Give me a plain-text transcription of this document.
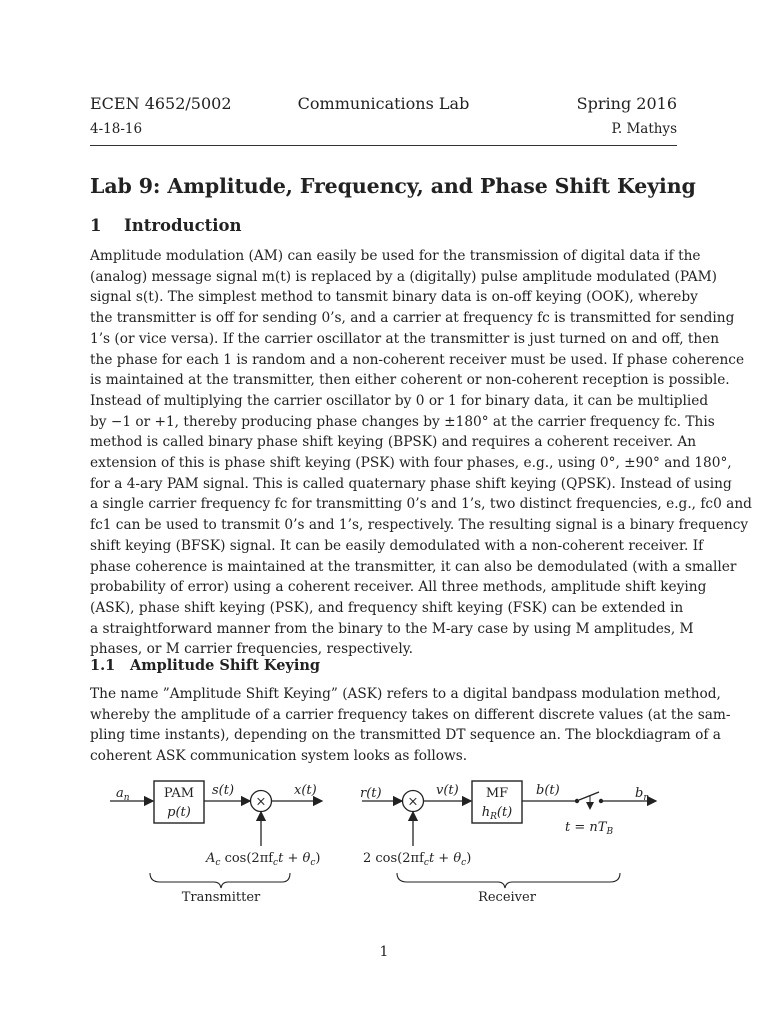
ECEN 4652/5002	Communications Lab	Spring 2016
4-18-16	P. Mathys
Lab 9: Amplitude, Frequency, and Phase Shift Keying
1 Introduction
Amplitude modulation (AM) can easily be used for the transmission of digital data if the
(analog) message signal m(t) is replaced by a (digitally) pulse amplitude modulated (PAM)
signal s(t). The simplest method to tansmit binary data is on-off keying (OOK), whereby
the transmitter is off for sending 0’s, and a carrier at frequency fc is transmitted for sending
1’s (or vice versa). If the carrier oscillator at the transmitter is just turned on and off, then
the phase for each 1 is random and a non-coherent receiver must be used. If phase coherence
is maintained at the transmitter, then either coherent or non-coherent reception is possible.
Instead of multiplying the carrier oscillator by 0 or 1 for binary data, it can be multiplied
by −1 or +1, thereby producing phase changes by ±180° at the carrier frequency fc. This
method is called binary phase shift keying (BPSK) and requires a coherent receiver. An
extension of this is phase shift keying (PSK) with four phases, e.g., using 0°, ±90° and 180°,
for a 4-ary PAM signal. This is called quaternary phase shift keying (QPSK). Instead of using
a single carrier frequency fc for transmitting 0’s and 1’s, two distinct frequencies, e.g., fc0 and
fc1 can be used to transmit 0’s and 1’s, respectively. The resulting signal is a binary frequency
shift keying (BFSK) signal. It can be easily demodulated with a non-coherent receiver. If
phase coherence is maintained at the transmitter, it can also be demodulated (with a smaller
probability of error) using a coherent receiver. All three methods, amplitude shift keying
(ASK), phase shift keying (PSK), and frequency shift keying (FSK) can be extended in
a straightforward manner from the binary to the M-ary case by using M amplitudes, M
phases, or M carrier frequencies, respectively.
1.1 Amplitude Shift Keying
The name ”Amplitude Shift Keying” (ASK) refers to a digital bandpass modulation method,
whereby the amplitude of a carrier frequency takes on different discrete values (at the sam-
pling time instants), depending on the transmitted DT sequence an. The blockdiagram of a
coherent ASK communication system looks as follows.
$a_n$	PAM
p(t)
s(t)
×
x(t)
$A_c$ $\cos(2\pi f_ct + \theta_c)$
Transmitter
r(t)
×
v(t)
2 $\cos(2\pi f_ct + \theta_c)$
MF
$h_R(t)$
b(t)	$b_n$
$t = nT_B$
Receiver
1
